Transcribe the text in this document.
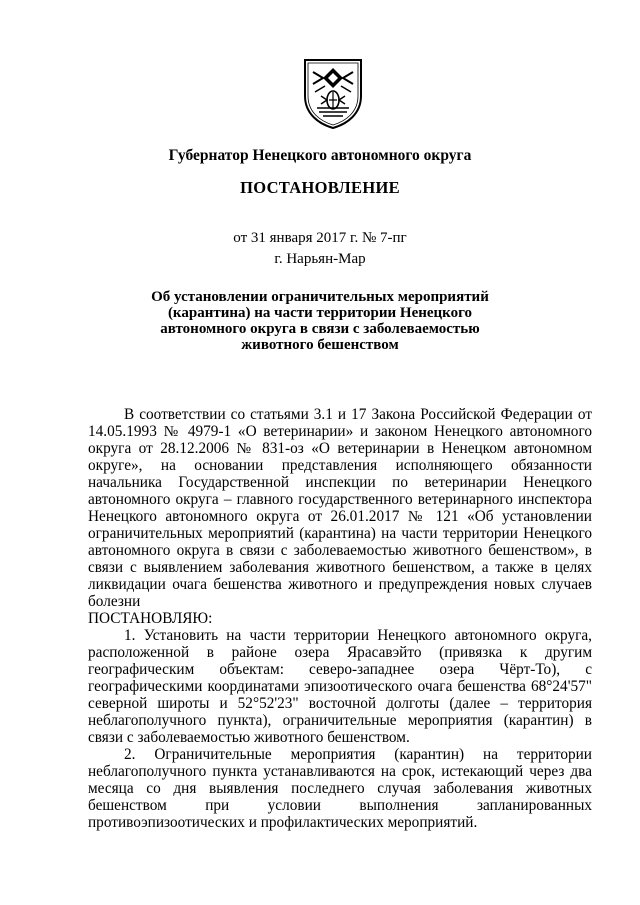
Губернатор Ненецкого автономного округа
ПОСТАНОВЛЕНИЕ
от 31 января 2017 г. № 7-пг
г. Нарьян-Мар
Об установлении ограничительных мероприятий
(карантина) на части территории Ненецкого
автономного округа в связи с заболеваемостью
животного бешенством

В соответствии со статьями 3.1 и 17 Закона Российской Федерации от 14.05.1993 № 4979-1 «О ветеринарии» и законом Ненецкого автономного округа от 28.12.2006 № 831-оз «О ветеринарии в Ненецком автономном округе», на основании представления исполняющего обязанности начальника Государственной инспекции по ветеринарии Ненецкого автономного округа – главного государственного ветеринарного инспектора Ненецкого автономного округа от 26.01.2017 № 121 «Об установлении ограничительных мероприятий (карантина) на части территории Ненецкого автономного округа в связи с заболеваемостью животного бешенством», в связи с выявлением заболевания животного бешенством, а также в целях ликвидации очага бешенства животного и предупреждения новых случаев болезни

ПОСТАНОВЛЯЮ:

1. Установить на части территории Ненецкого автономного округа, расположенной в районе озера Ярасавэйто (привязка к другим географическим объектам: северо-западнее озера Чёрт-То), с географическими координатами эпизоотического очага бешенства 68°24'57" северной широты и 52°52'23" восточной долготы (далее – территория неблагополучного пункта), ограничительные мероприятия (карантин) в связи с заболеваемостью животного бешенством.

2. Ограничительные мероприятия (карантин) на территории неблагополучного пункта устанавливаются на срок, истекающий через два месяца со дня выявления последнего случая заболевания животных бешенством при условии выполнения запланированных противоэпизоотических и профилактических мероприятий.
